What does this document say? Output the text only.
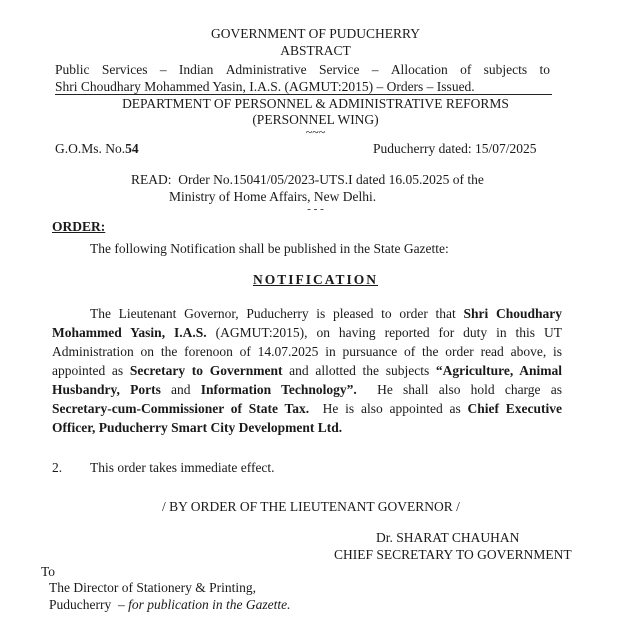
GOVERNMENT OF PUDUCHERRY
ABSTRACT
Public Services – Indian Administrative Service – Allocation of subjects to
Shri Choudhary Mohammed Yasin, I.A.S. (AGMUT:2015) – Orders – Issued.
DEPARTMENT OF PERSONNEL & ADMINISTRATIVE REFORMS
(PERSONNEL WING)
~~~
G.O.Ms. No.54	Puducherry dated: 15/07/2025
READ:  Order No.15041/05/2023-UTS.I dated 16.05.2025 of the
Ministry of Home Affairs, New Delhi.
- - -
ORDER:
The following Notification shall be published in the State Gazette:
NOTIFICATION
The Lieutenant Governor, Puducherry is pleased to order that Shri Choudhary
Mohammed Yasin, I.A.S. (AGMUT:2015), on having reported for duty in this UT
Administration on the forenoon of 14.07.2025 in pursuance of the order read above, is
appointed as Secretary to Government and allotted the subjects “Agriculture, Animal
Husbandry, Ports and Information Technology”.  He shall also hold charge as
Secretary-cum-Commissioner of State Tax.  He is also appointed as Chief Executive
Officer, Puducherry Smart City Development Ltd.
2. This order takes immediate effect.
/ BY ORDER OF THE LIEUTENANT GOVERNOR /
Dr. SHARAT CHAUHAN
CHIEF SECRETARY TO GOVERNMENT
To
The Director of Stationery & Printing,
Puducherry  – for publication in the Gazette.
